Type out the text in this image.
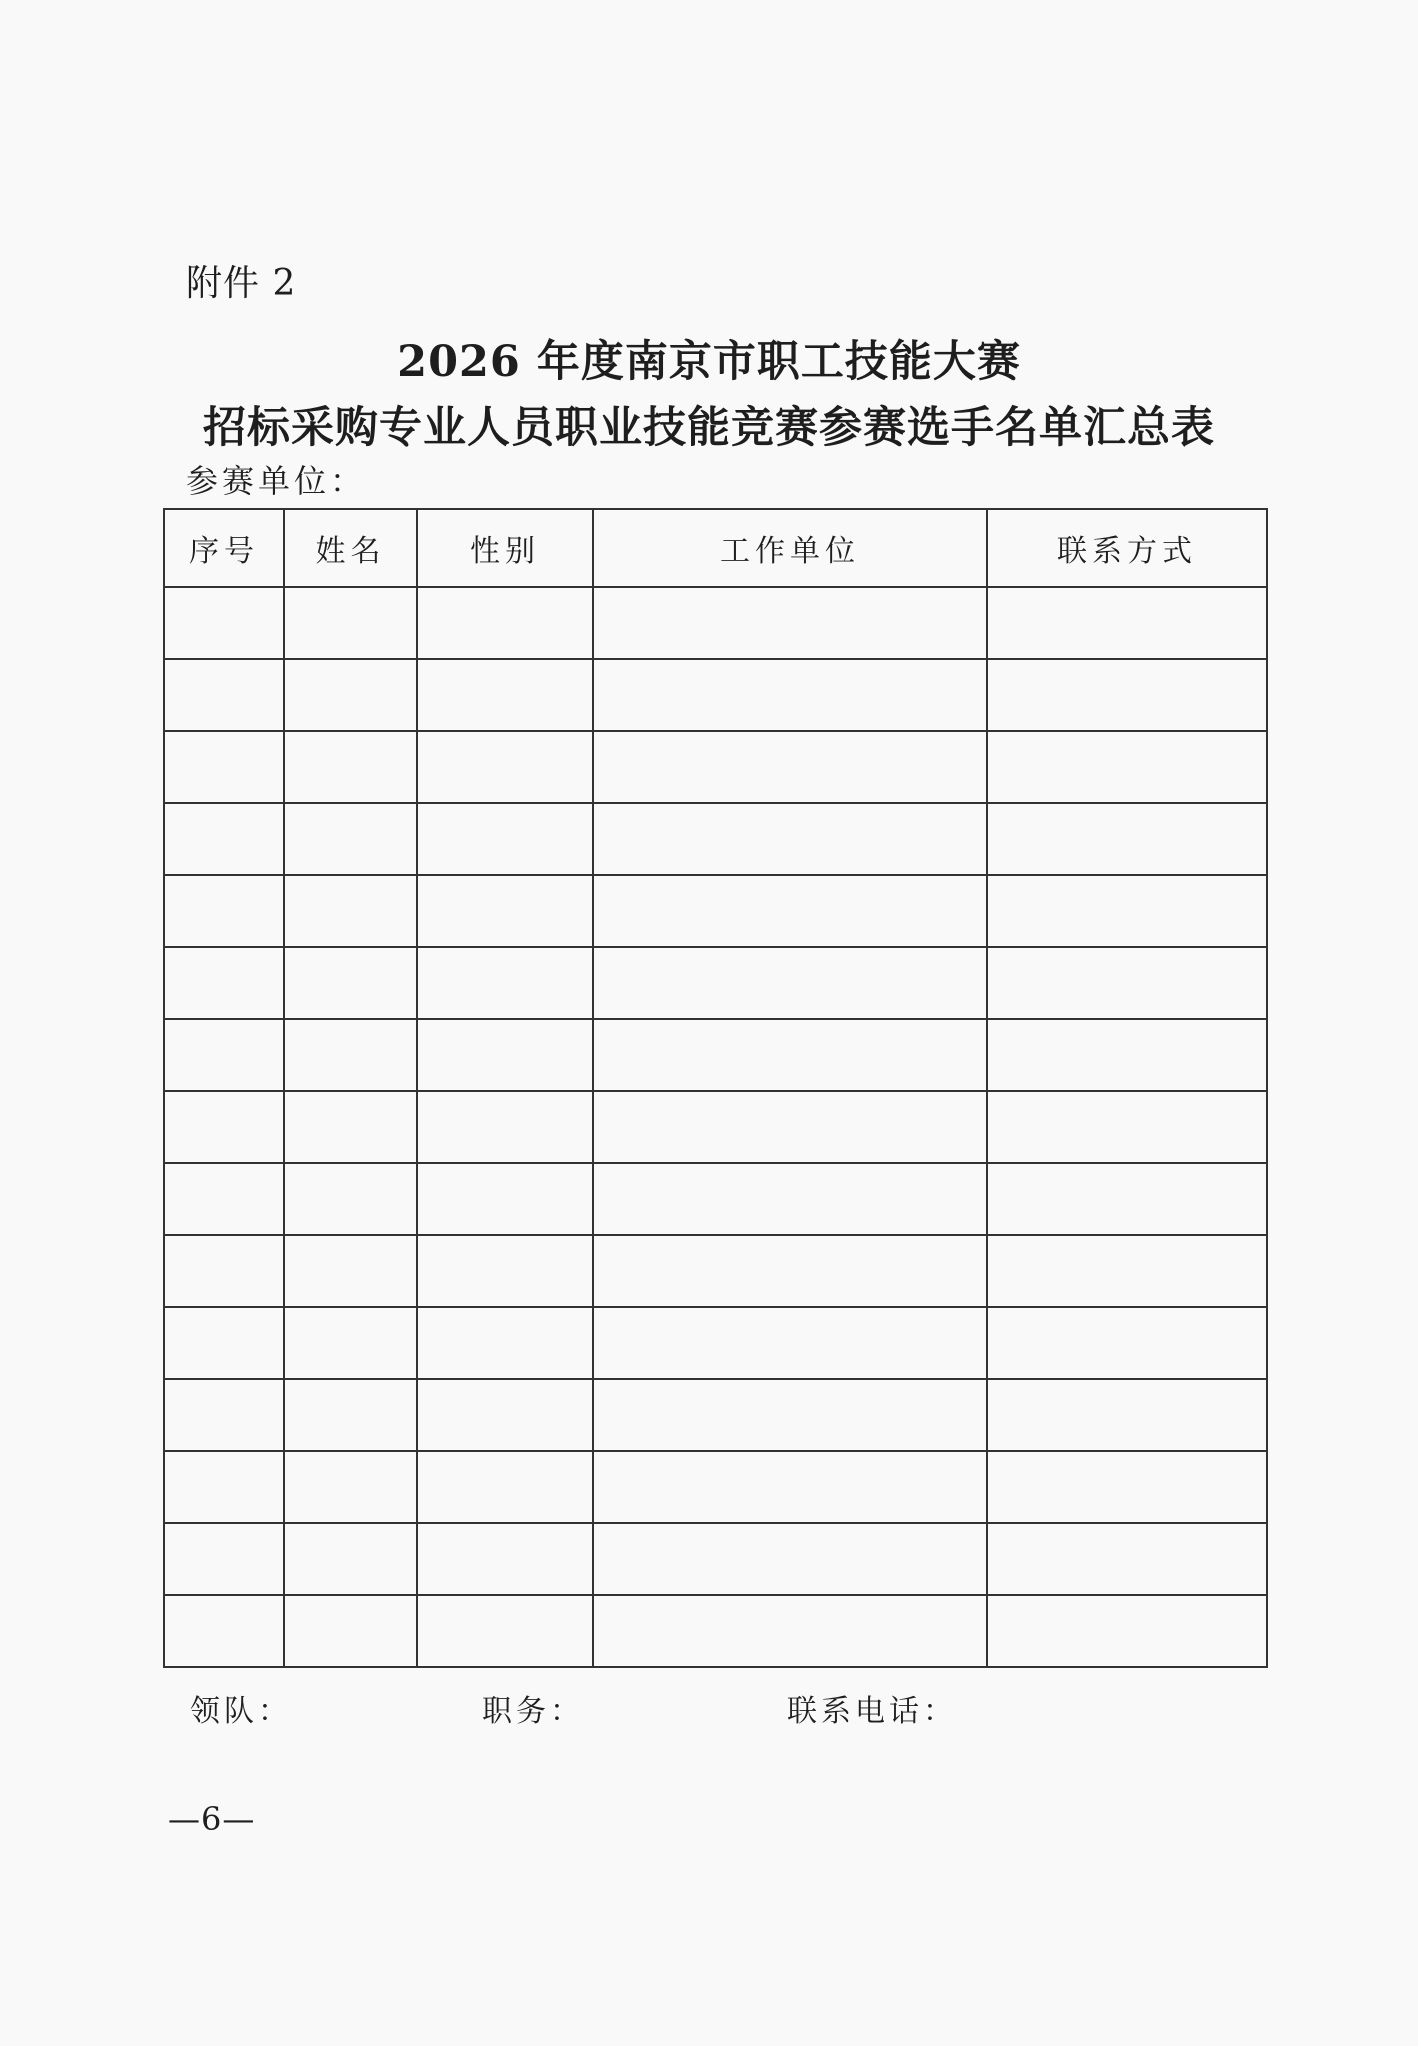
附件 2
2026 年度南京市职工技能大赛
招标采购专业人员职业技能竞赛参赛选手名单汇总表
参赛单位：
序号	姓名	性别	工作单位	联系方式

领队：	职务：	联系电话：
—6—
